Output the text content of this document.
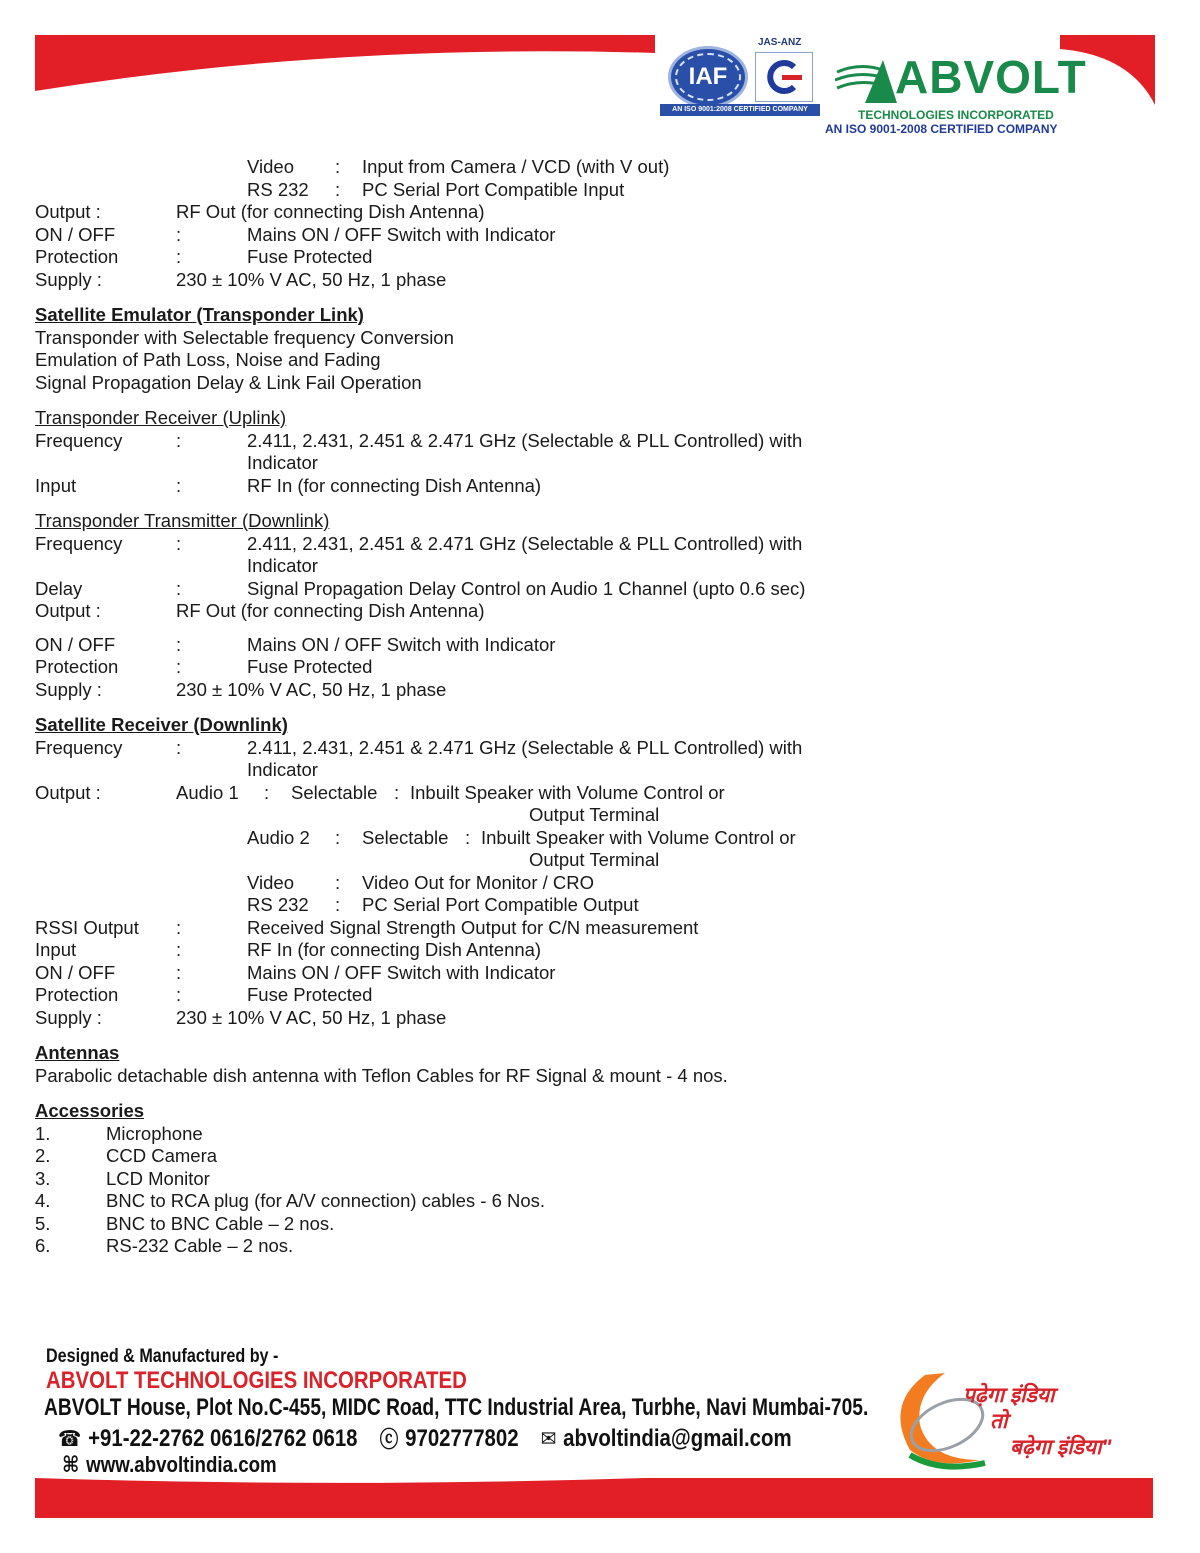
IAF
AN ISO 9001:2008 CERTIFIED COMPANY
JAS-ANZ
ABVOLT
TECHNOLOGIES INCORPORATED
AN ISO 9001-2008 CERTIFIED COMPANY
Video : Input from Camera / VCD (with V out)
RS 232 : PC Serial Port Compatible Input
Output :	RF Out (for connecting Dish Antenna)
ON / OFF	:	Mains ON / OFF Switch with Indicator
Protection	:	Fuse Protected
Supply :	230 ± 10% V AC, 50 Hz, 1 phase
Satellite Emulator (Transponder Link)
Transponder with Selectable frequency Conversion
Emulation of Path Loss, Noise and Fading
Signal Propagation Delay & Link Fail Operation
Transponder Receiver (Uplink)
Frequency	:	2.411, 2.431, 2.451 & 2.471 GHz (Selectable & PLL Controlled) with
Indicator
Input	:	RF In (for connecting Dish Antenna)
Transponder Transmitter (Downlink)
Frequency	:	2.411, 2.431, 2.451 & 2.471 GHz (Selectable & PLL Controlled) with
Indicator
Delay	:	Signal Propagation Delay Control on Audio 1 Channel (upto 0.6 sec)
Output :	RF Out (for connecting Dish Antenna)
ON / OFF	:	Mains ON / OFF Switch with Indicator
Protection	:	Fuse Protected
Supply :	230 ± 10% V AC, 50 Hz, 1 phase
Satellite Receiver (Downlink)
Frequency	:	2.411, 2.431, 2.451 & 2.471 GHz (Selectable & PLL Controlled) with
Indicator
Output :	Audio 1 : Selectable : Inbuilt Speaker with Volume Control or
Output Terminal
Audio 2 : Selectable : Inbuilt Speaker with Volume Control or
Output Terminal
Video : Video Out for Monitor / CRO
RS 232 : PC Serial Port Compatible Output
RSSI Output :	Received Signal Strength Output for C/N measurement
Input	:	RF In (for connecting Dish Antenna)
ON / OFF	:	Mains ON / OFF Switch with Indicator
Protection	:	Fuse Protected
Supply :	230 ± 10% V AC, 50 Hz, 1 phase
Antennas
Parabolic detachable dish antenna with Teflon Cables for RF Signal & mount - 4 nos.
Accessories
1.	Microphone
2.	CCD Camera
3.	LCD Monitor
4.	BNC to RCA plug (for A/V connection) cables - 6 Nos.
5.	BNC to BNC Cable – 2 nos.
6.	RS-232 Cable – 2 nos.
Designed & Manufactured by -
ABVOLT TECHNOLOGIES INCORPORATED
ABVOLT House, Plot No.C-455, MIDC Road, TTC Industrial Area, Turbhe, Navi Mumbai-705.
☎ +91-22-2762 0616/2762 0618 ⓒ 9702777802 ✉ abvoltindia@gmail.com
⌘ www.abvoltindia.com
पढ़ेगा इंडिया
तो
बढ़ेगा इंडिया"
